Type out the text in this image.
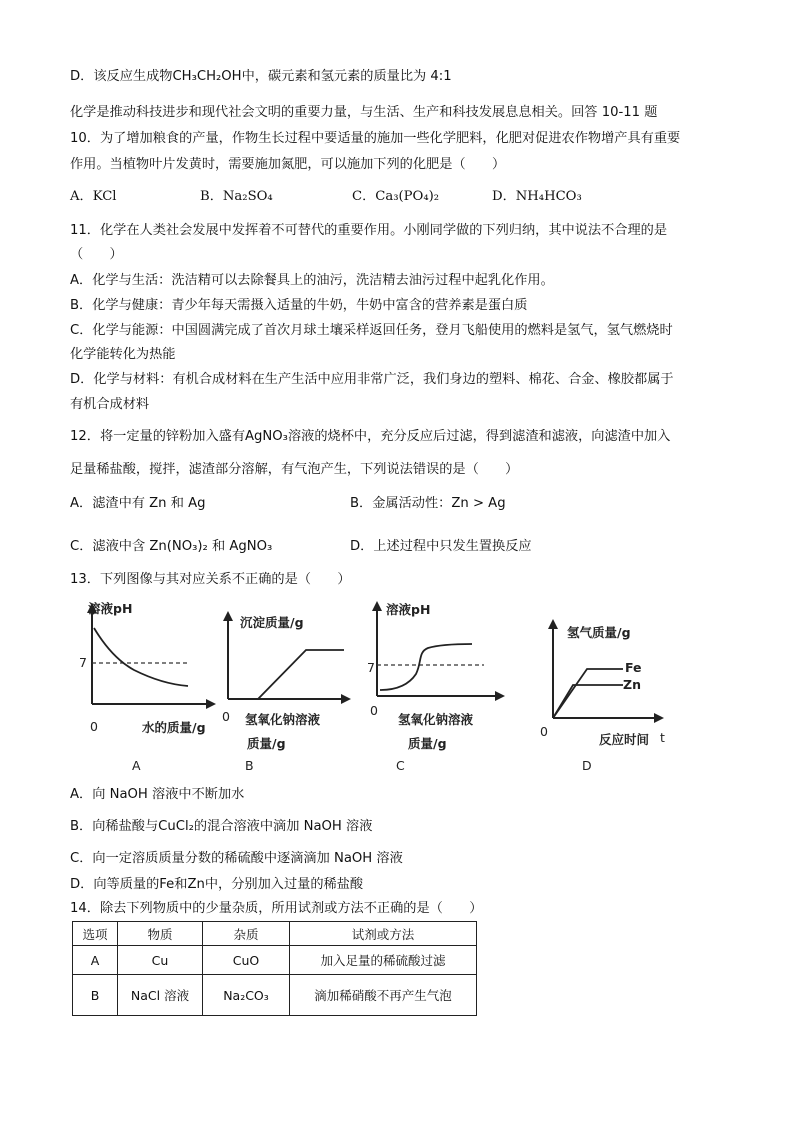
D．该反应生成物CH₃CH₂OH中，碳元素和氢元素的质量比为 4:1
化学是推动科技进步和现代社会文明的重要力量，与生活、生产和科技发展息息相关。回答 10-11 题
10．为了增加粮食的产量，作物生长过程中要适量的施加一些化学肥料，化肥对促进农作物增产具有重要
作用。当植物叶片发黄时，需要施加氮肥，可以施加下列的化肥是（　　）
A．KCl	B．Na₂SO₄	C．Ca₃(PO₄)₂	D．NH₄HCO₃
11．化学在人类社会发展中发挥着不可替代的重要作用。小刚同学做的下列归纳，其中说法不合理的是
（　　）
A．化学与生活：洗洁精可以去除餐具上的油污，洗洁精去油污过程中起乳化作用。
B．化学与健康：青少年每天需摄入适量的牛奶，牛奶中富含的营养素是蛋白质
C．化学与能源：中国圆满完成了首次月球土壤采样返回任务，登月飞船使用的燃料是氢气，氢气燃烧时
化学能转化为热能
D．化学与材料：有机合成材料在生产生活中应用非常广泛，我们身边的塑料、棉花、合金、橡胶都属于
有机合成材料
12．将一定量的锌粉加入盛有AgNO₃溶液的烧杯中，充分反应后过滤，得到滤渣和滤液，向滤渣中加入
足量稀盐酸，搅拌，滤渣部分溶解，有气泡产生，下列说法错误的是（　　）
A．滤渣中有 Zn 和 Ag	B．金属活动性：Zn > Ag
C．滤液中含 Zn(NO₃)₂ 和 AgNO₃	D．上述过程中只发生置换反应
13．下列图像与其对应关系不正确的是（　　）
溶液pH
7
0	水的质量/g
A
沉淀质量/g
0 氢氧化钠溶液
质量/g
B
溶液pH
7
0
氢氧化钠溶液
质量/g
C
氢气质量/g
Fe
Zn
0
反应时间 t
D
A．向 NaOH 溶液中不断加水
B．向稀盐酸与CuCl₂的混合溶液中滴加 NaOH 溶液
C．向一定溶质质量分数的稀硫酸中逐滴滴加 NaOH 溶液
D．向等质量的Fe和Zn中，分别加入过量的稀盐酸
14．除去下列物质中的少量杂质，所用试剂或方法不正确的是（　　）
选项	物质	杂质	试剂或方法
A	Cu	CuO	加入足量的稀硫酸过滤
B	NaCl 溶液	Na₂CO₃	滴加稀硝酸不再产生气泡
